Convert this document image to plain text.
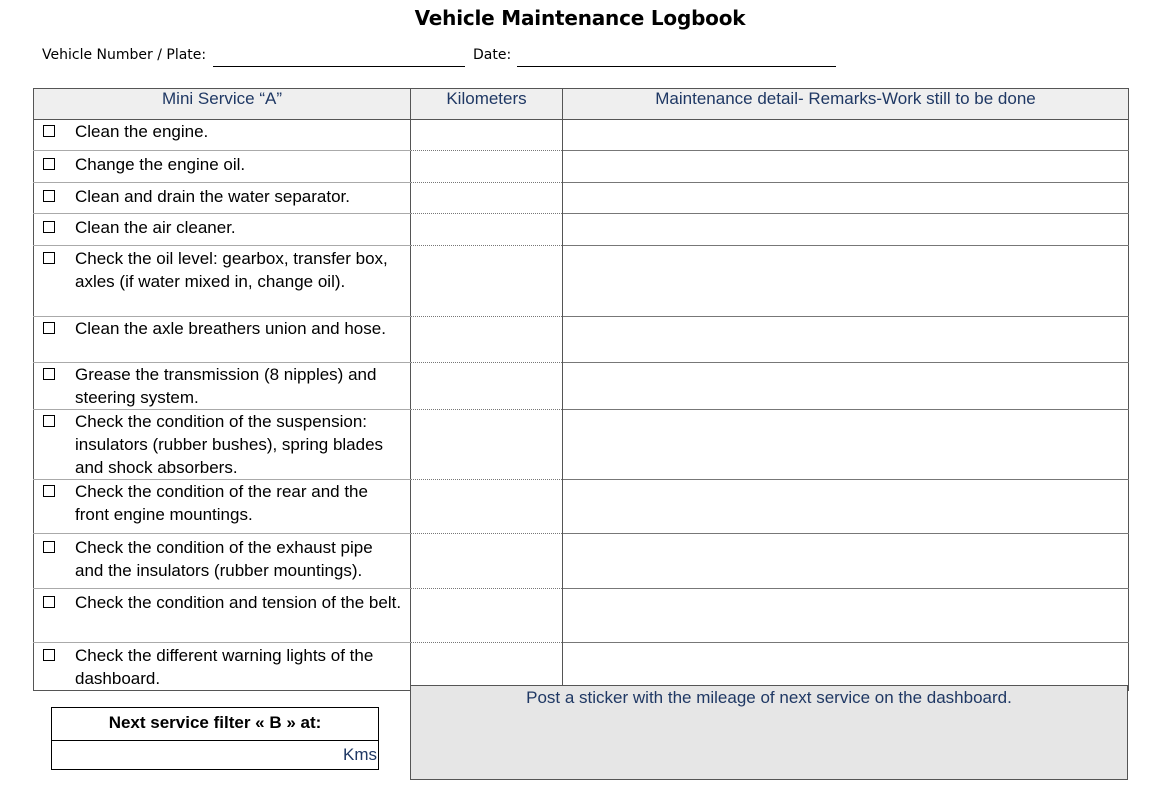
Vehicle Maintenance Logbook
Vehicle Number / Plate:	Date:
Mini Service “A”	Kilometers	Maintenance detail- Remarks-Work still to be done

Clean the engine.		

Change the engine oil.		

Clean and drain the water separator.		

Clean the air cleaner.		

Check the oil level: gearbox, transfer box, axles (if water mixed in, change oil).		

Clean the axle breathers union and hose.		

Grease the transmission (8 nipples) and steering system.		

Check the condition of the suspension: insulators (rubber bushes), spring blades and shock absorbers.		

Check the condition of the rear and the front engine mountings.		

Check the condition of the exhaust pipe and the insulators (rubber mountings).		

Check the condition and tension of the belt.		

Check the different warning lights of the dashboard.		

Post a sticker with the mileage of next service on the dashboard.
Next service filter « B » at:
Kms
